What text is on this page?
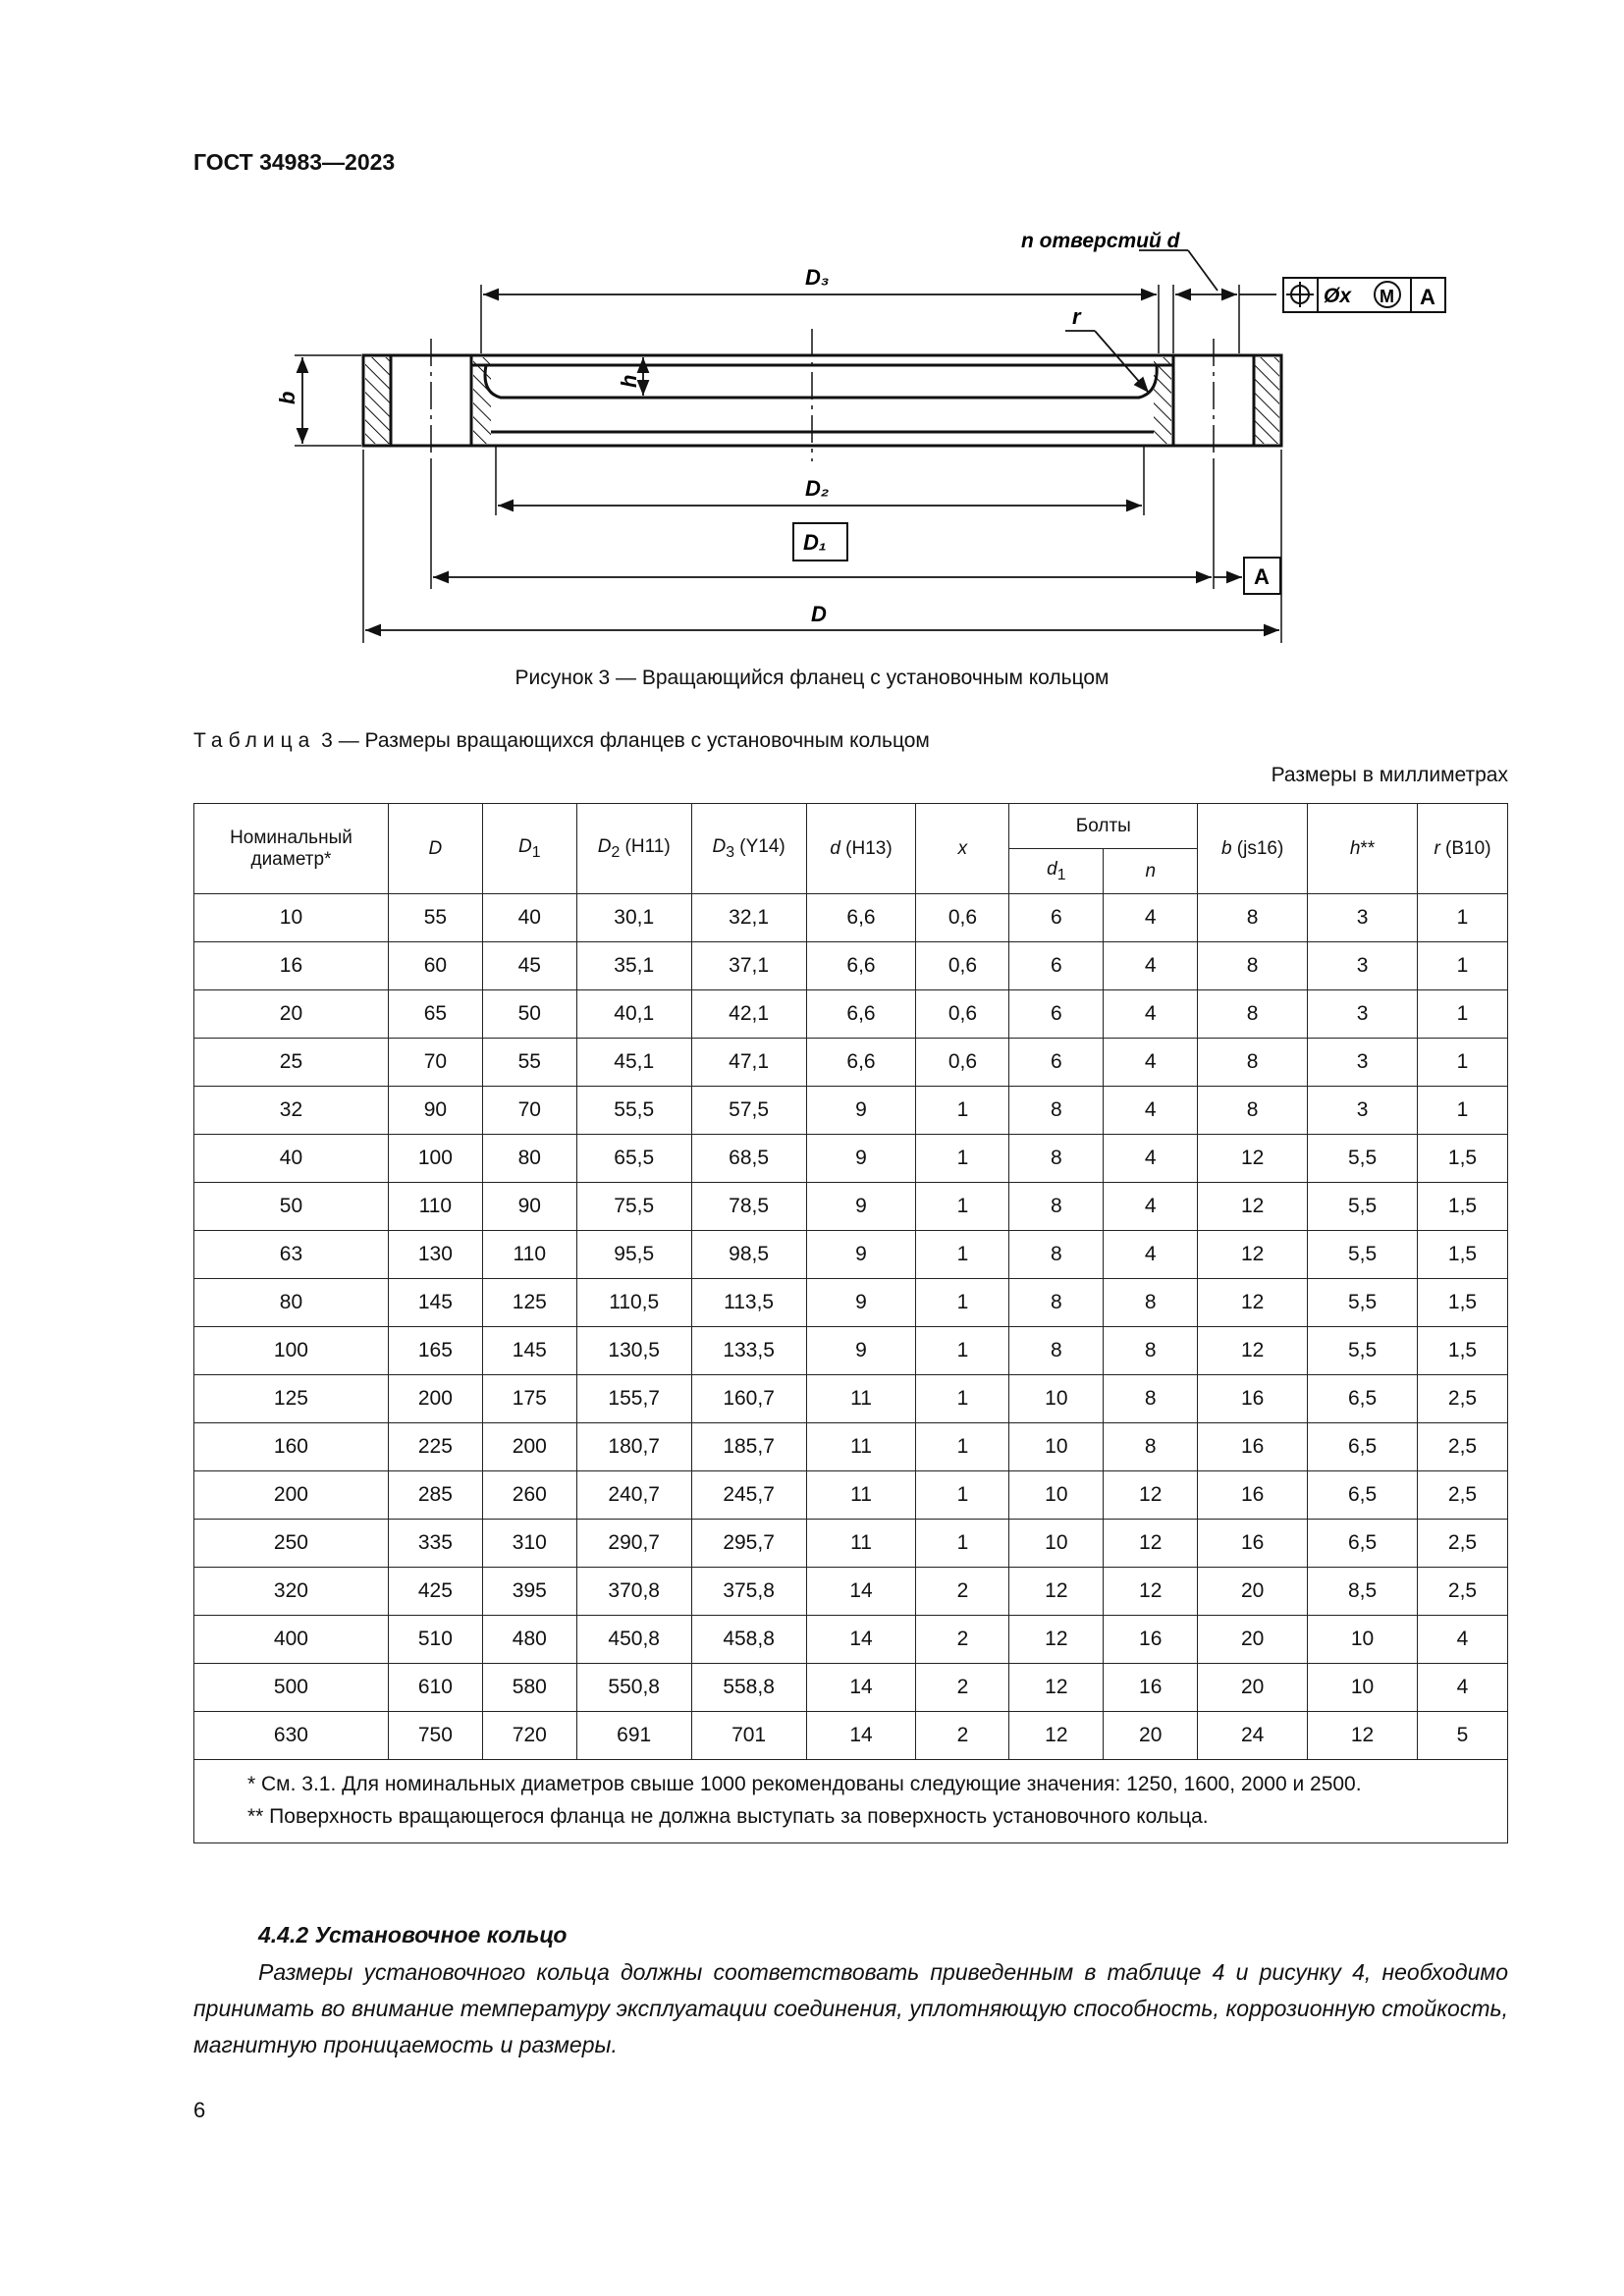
ГОСТ 34983—2023
n отверстий d
D₃
D₂
D
r
h
b
D₁
A
Øx M A
Рисунок 3 — Вращающийся фланец с установочным кольцом
Таблица 3 — Размеры вращающихся фланцев с установочным кольцом
Размеры в миллиметрах
Номинальный диаметр*	D	$D_1$	$D_2$ (H11)	$D_3$ (Y14)	d (H13)	x	Болты		b (js16)	h**	r (B10)
							$d_1$	n			
10	55	40	30,1	32,1	6,6	0,6	6	4	8	3	1
16	60	45	35,1	37,1	6,6	0,6	6	4	8	3	1
20	65	50	40,1	42,1	6,6	0,6	6	4	8	3	1
25	70	55	45,1	47,1	6,6	0,6	6	4	8	3	1
32	90	70	55,5	57,5	9	1	8	4	8	3	1
40	100	80	65,5	68,5	9	1	8	4	12	5,5	1,5
50	110	90	75,5	78,5	9	1	8	4	12	5,5	1,5
63	130	110	95,5	98,5	9	1	8	4	12	5,5	1,5
80	145	125	110,5	113,5	9	1	8	8	12	5,5	1,5
100	165	145	130,5	133,5	9	1	8	8	12	5,5	1,5
125	200	175	155,7	160,7	11	1	10	8	16	6,5	2,5
160	225	200	180,7	185,7	11	1	10	8	16	6,5	2,5
200	285	260	240,7	245,7	11	1	10	12	16	6,5	2,5
250	335	310	290,7	295,7	11	1	10	12	16	6,5	2,5
320	425	395	370,8	375,8	14	2	12	12	20	8,5	2,5
400	510	480	450,8	458,8	14	2	12	16	20	10	4
500	610	580	550,8	558,8	14	2	12	16	20	10	4
630	750	720	691	701	14	2	12	20	24	12	5

* См. 3.1. Для номинальных диаметров свыше 1000 рекомендованы следующие значения: 1250, 1600, 2000 и 2500.

** Поверхность вращающегося фланца не должна выступать за поверхность установочного кольца.											

4.4.2 Установочное кольцо

Размеры установочного кольца должны соответствовать приведенным в таблице 4 и рисунку 4, необходимо принимать во внимание температуру эксплуатации соединения, уплотняющую способность, коррозионную стойкость, магнитную проницаемость и размеры.

6
